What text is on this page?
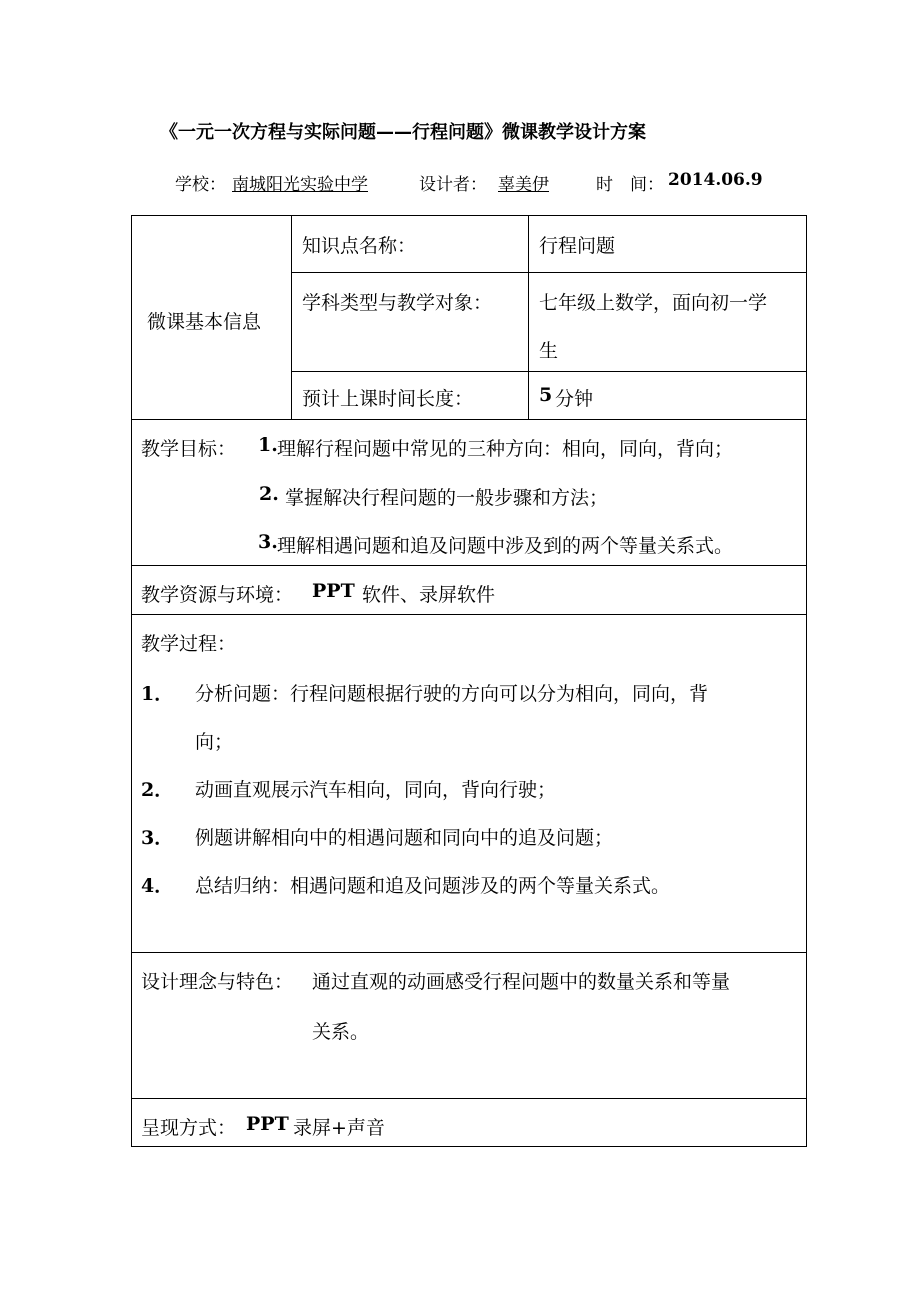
《一元一次方程与实际问题——行程问题》微课教学设计方案
学校： 南城阳光实验中学	设计者： 辜美伊	时　间： 2014.06.9
微课基本信息
知识点名称：	行程问题
学科类型与教学对象： 七年级上数学，面向初一学
生
预计上课时间长度：	5 分钟
教学目标： 1. 理解行程问题中常见的三种方向：相向，同向，背向；
2. 掌握解决行程问题的一般步骤和方法；
3. 理解相遇问题和追及问题中涉及到的两个等量关系式。
教学资源与环境： PPT 软件、录屏软件
教学过程：
1． 分析问题：行程问题根据行驶的方向可以分为相向，同向，背
向；
2． 动画直观展示汽车相向，同向，背向行驶；
3． 例题讲解相向中的相遇问题和同向中的追及问题；
4． 总结归纳：相遇问题和追及问题涉及的两个等量关系式。
设计理念与特色： 通过直观的动画感受行程问题中的数量关系和等量
关系。
呈现方式： PPT 录屏+声音
